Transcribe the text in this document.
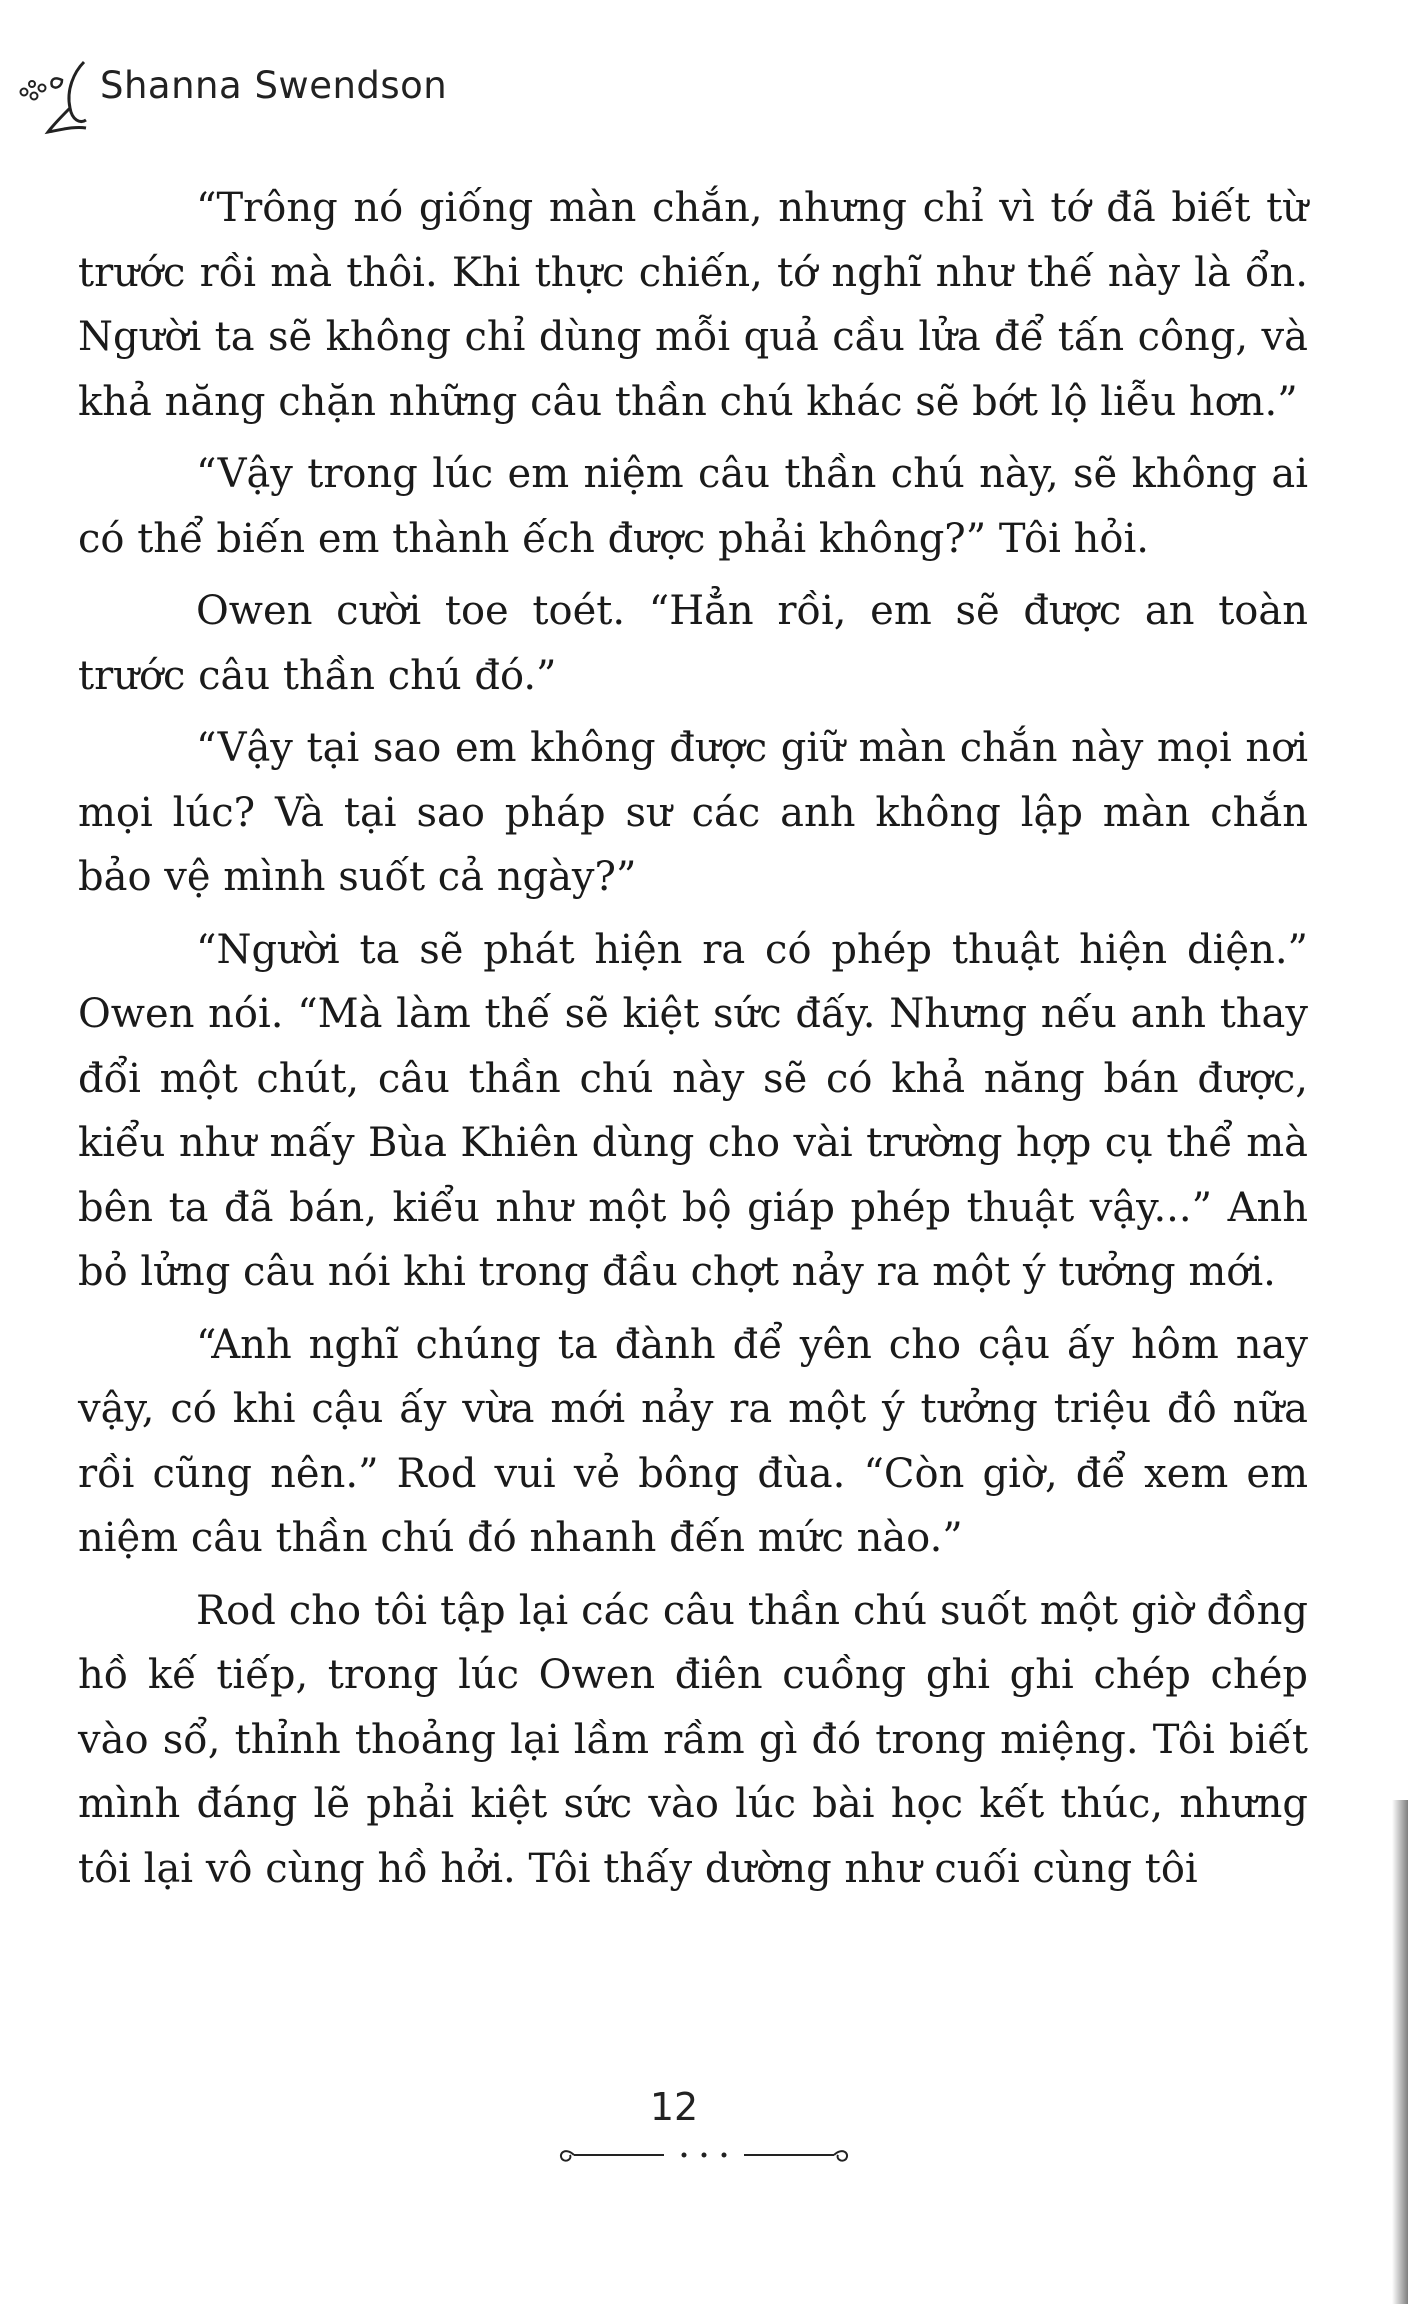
Shanna Swendson

“Trông nó giống màn chắn, nhưng chỉ vì tớ đã biết từ trước rồi mà thôi. Khi thực chiến, tớ nghĩ như thế này là ổn. Người ta sẽ không chỉ dùng mỗi quả cầu lửa để tấn công, và khả năng chặn những câu thần chú khác sẽ bớt lộ liễu hơn.”

“Vậy trong lúc em niệm câu thần chú này, sẽ không ai có thể biến em thành ếch được phải không?” Tôi hỏi.

Owen cười toe toét. “Hẳn rồi, em sẽ được an toàn trước câu thần chú đó.”

“Vậy tại sao em không được giữ màn chắn này mọi nơi mọi lúc? Và tại sao pháp sư các anh không lập màn chắn bảo vệ mình suốt cả ngày?”

“Người ta sẽ phát hiện ra có phép thuật hiện diện.” Owen nói. “Mà làm thế sẽ kiệt sức đấy. Nhưng nếu anh thay đổi một chút, câu thần chú này sẽ có khả năng bán được, kiểu như mấy Bùa Khiên dùng cho vài trường hợp cụ thể mà bên ta đã bán, kiểu như một bộ giáp phép thuật vậy...” Anh bỏ lửng câu nói khi trong đầu chợt nảy ra một ý tưởng mới.

“Anh nghĩ chúng ta đành để yên cho cậu ấy hôm nay vậy, có khi cậu ấy vừa mới nảy ra một ý tưởng triệu đô nữa rồi cũng nên.” Rod vui vẻ bông đùa. “Còn giờ, để xem em niệm câu thần chú đó nhanh đến mức nào.”

Rod cho tôi tập lại các câu thần chú suốt một giờ đồng hồ kế tiếp, trong lúc Owen điên cuồng ghi ghi chép chép vào sổ, thỉnh thoảng lại lầm rầm gì đó trong miệng. Tôi biết mình đáng lẽ phải kiệt sức vào lúc bài học kết thúc, nhưng tôi lại vô cùng hồ hởi. Tôi thấy dường như cuối cùng tôi

12
